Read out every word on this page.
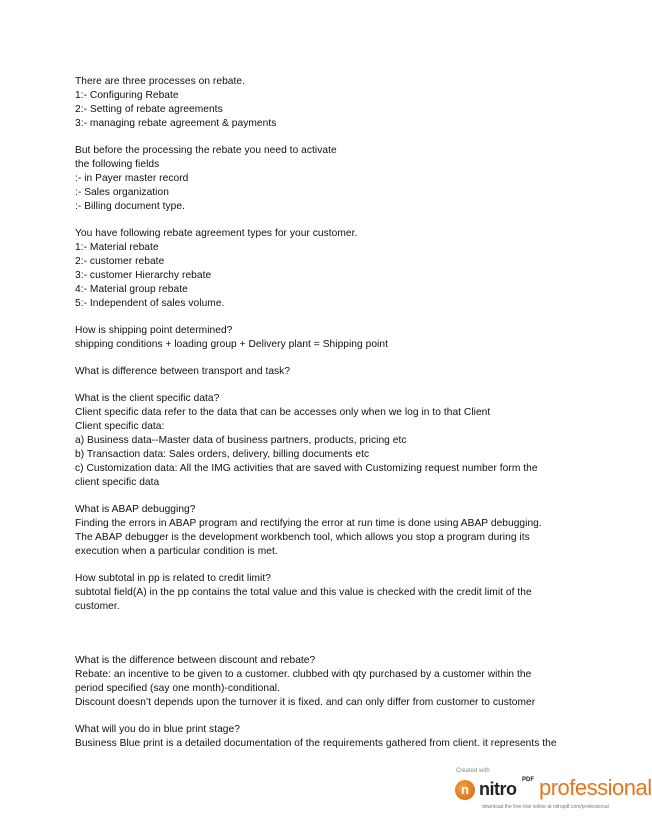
There are three processes on rebate.
1:- Configuring Rebate
2:- Setting of rebate agreements
3:- managing rebate agreement & payments
But before the processing the rebate you need to activate
the following fields
:- in Payer master record
:- Sales organization
:- Billing document type.
You have following rebate agreement types for your customer.
1:- Material rebate
2:- customer rebate
3:- customer Hierarchy rebate
4:- Material group rebate
5:- Independent of sales volume.
How is shipping point determined?
shipping conditions + loading group + Delivery plant = Shipping point
What is difference between transport and task?
What is the client specific data?
Client specific data refer to the data that can be accesses only when we log in to that Client
Client specific data:
a) Business data--Master data of business partners, products, pricing etc
b) Transaction data: Sales orders, delivery, billing documents etc
c) Customization data: All the IMG activities that are saved with Customizing request number form the
client specific data
What is ABAP debugging?
Finding the errors in ABAP program and rectifying the error at run time is done using ABAP debugging.
The ABAP debugger is the development workbench tool, which allows you stop a program during its
execution when a particular condition is met.
How subtotal in pp is related to credit limit?
subtotal field(A) in the pp contains the total value and this value is checked with the credit limit of the
customer.
What is the difference between discount and rebate?
Rebate: an incentive to be given to a customer. clubbed with qty purchased by a customer within the
period specified (say one month)-conditional.
Discount doesn’t depends upon the turnover it is fixed. and can only differ from customer to customer
What will you do in blue print stage?
Business Blue print is a detailed documentation of the requirements gathered from client. it represents the
Created with
n nitro PDF professional
download the free trial online at nitropdf.com/professional
